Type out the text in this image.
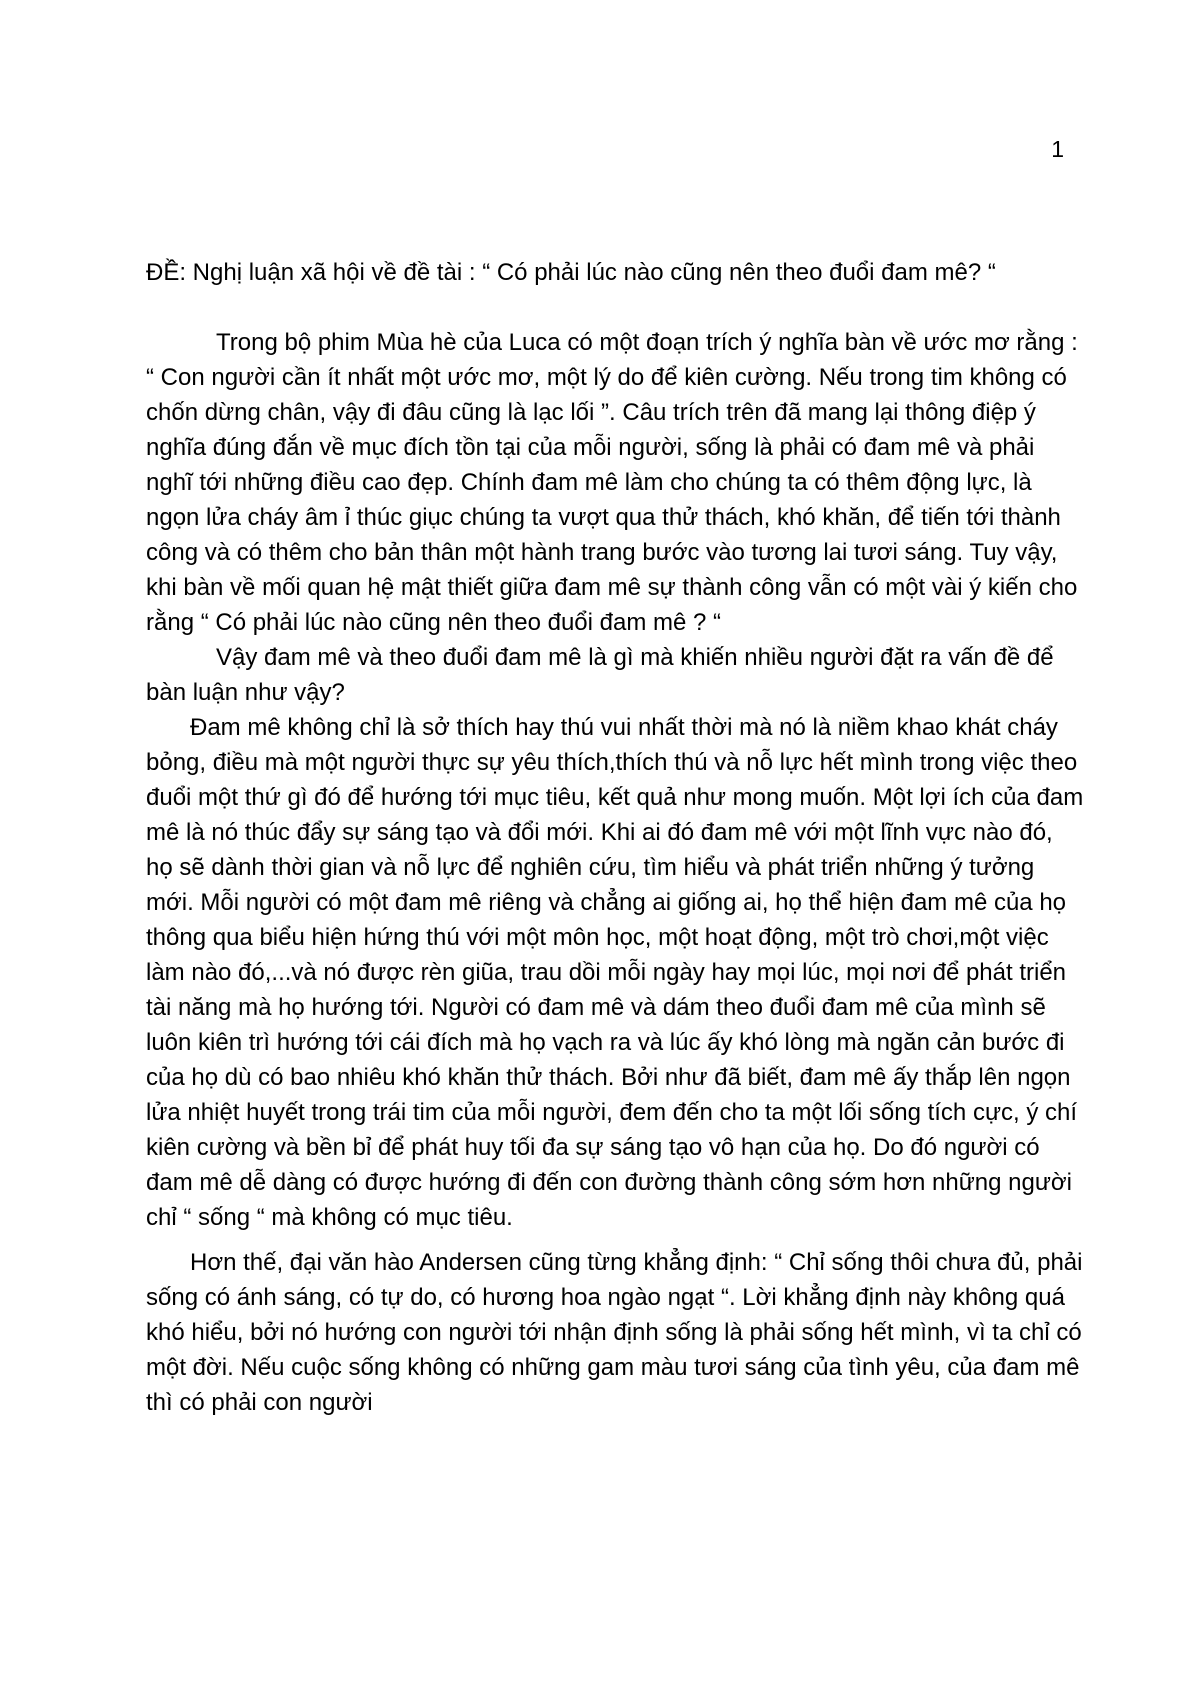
1

ĐỀ: Nghị luận xã hội về đề tài : “ Có phải lúc nào cũng nên theo đuổi đam mê? “

Trong bộ phim Mùa hè của Luca có một đoạn trích ý nghĩa bàn về ước mơ rằng : “ Con người cần ít nhất một ước mơ, một lý do để kiên cường. Nếu trong tim không có chốn dừng chân, vậy đi đâu cũng là lạc lối ”. Câu trích trên đã mang lại thông điệp ý nghĩa đúng đắn về mục đích tồn tại của mỗi người, sống là phải có đam mê và phải nghĩ tới những điều cao đẹp. Chính đam mê làm cho chúng ta có thêm động lực, là ngọn lửa cháy âm ỉ thúc giục chúng ta vượt qua thử thách, khó khăn, để tiến tới thành công và có thêm cho bản thân một hành trang bước vào tương lai tươi sáng. Tuy vậy, khi bàn về mối quan hệ mật thiết giữa đam mê sự thành công vẫn có một vài ý kiến cho rằng “ Có phải lúc nào cũng nên theo đuổi đam mê ? “

Vậy đam mê và theo đuổi đam mê là gì mà khiến nhiều người đặt ra vấn đề để bàn luận như vậy?

Đam mê không chỉ là sở thích hay thú vui nhất thời mà nó là niềm khao khát cháy bỏng, điều mà một người thực sự yêu thích,thích thú và nỗ lực hết mình trong việc theo đuổi một thứ gì đó để hướng tới mục tiêu, kết quả như mong muốn. Một lợi ích của đam mê là nó thúc đẩy sự sáng tạo và đổi mới. Khi ai đó đam mê với một lĩnh vực nào đó, họ sẽ dành thời gian và nỗ lực để nghiên cứu, tìm hiểu và phát triển những ý tưởng mới. Mỗi người có một đam mê riêng và chẳng ai giống ai, họ thể hiện đam mê của họ thông qua biểu hiện hứng thú với một môn học, một hoạt động, một trò chơi,một việc làm nào đó,...và nó được rèn giũa, trau dồi mỗi ngày hay mọi lúc, mọi nơi để phát triển tài năng mà họ hướng tới. Người có đam mê và dám theo đuổi đam mê của mình sẽ luôn kiên trì hướng tới cái đích mà họ vạch ra và lúc ấy khó lòng mà ngăn cản bước đi của họ dù có bao nhiêu khó khăn thử thách. Bởi như đã biết, đam mê ấy thắp lên ngọn lửa nhiệt huyết trong trái tim của mỗi người, đem đến cho ta một lối sống tích cực, ý chí kiên cường và bền bỉ để phát huy tối đa sự sáng tạo vô hạn của họ. Do đó người có đam mê dễ dàng có được hướng đi đến con đường thành công sớm hơn những người chỉ “ sống “ mà không có mục tiêu.

Hơn thế, đại văn hào Andersen cũng từng khẳng định: “ Chỉ sống thôi chưa đủ, phải sống có ánh sáng, có tự do, có hương hoa ngào ngạt “. Lời khẳng định này không quá khó hiểu, bởi nó hướng con người tới nhận định sống là phải sống hết mình, vì ta chỉ có một đời. Nếu cuộc sống không có những gam màu tươi sáng của tình yêu, của đam mê thì có phải con người
